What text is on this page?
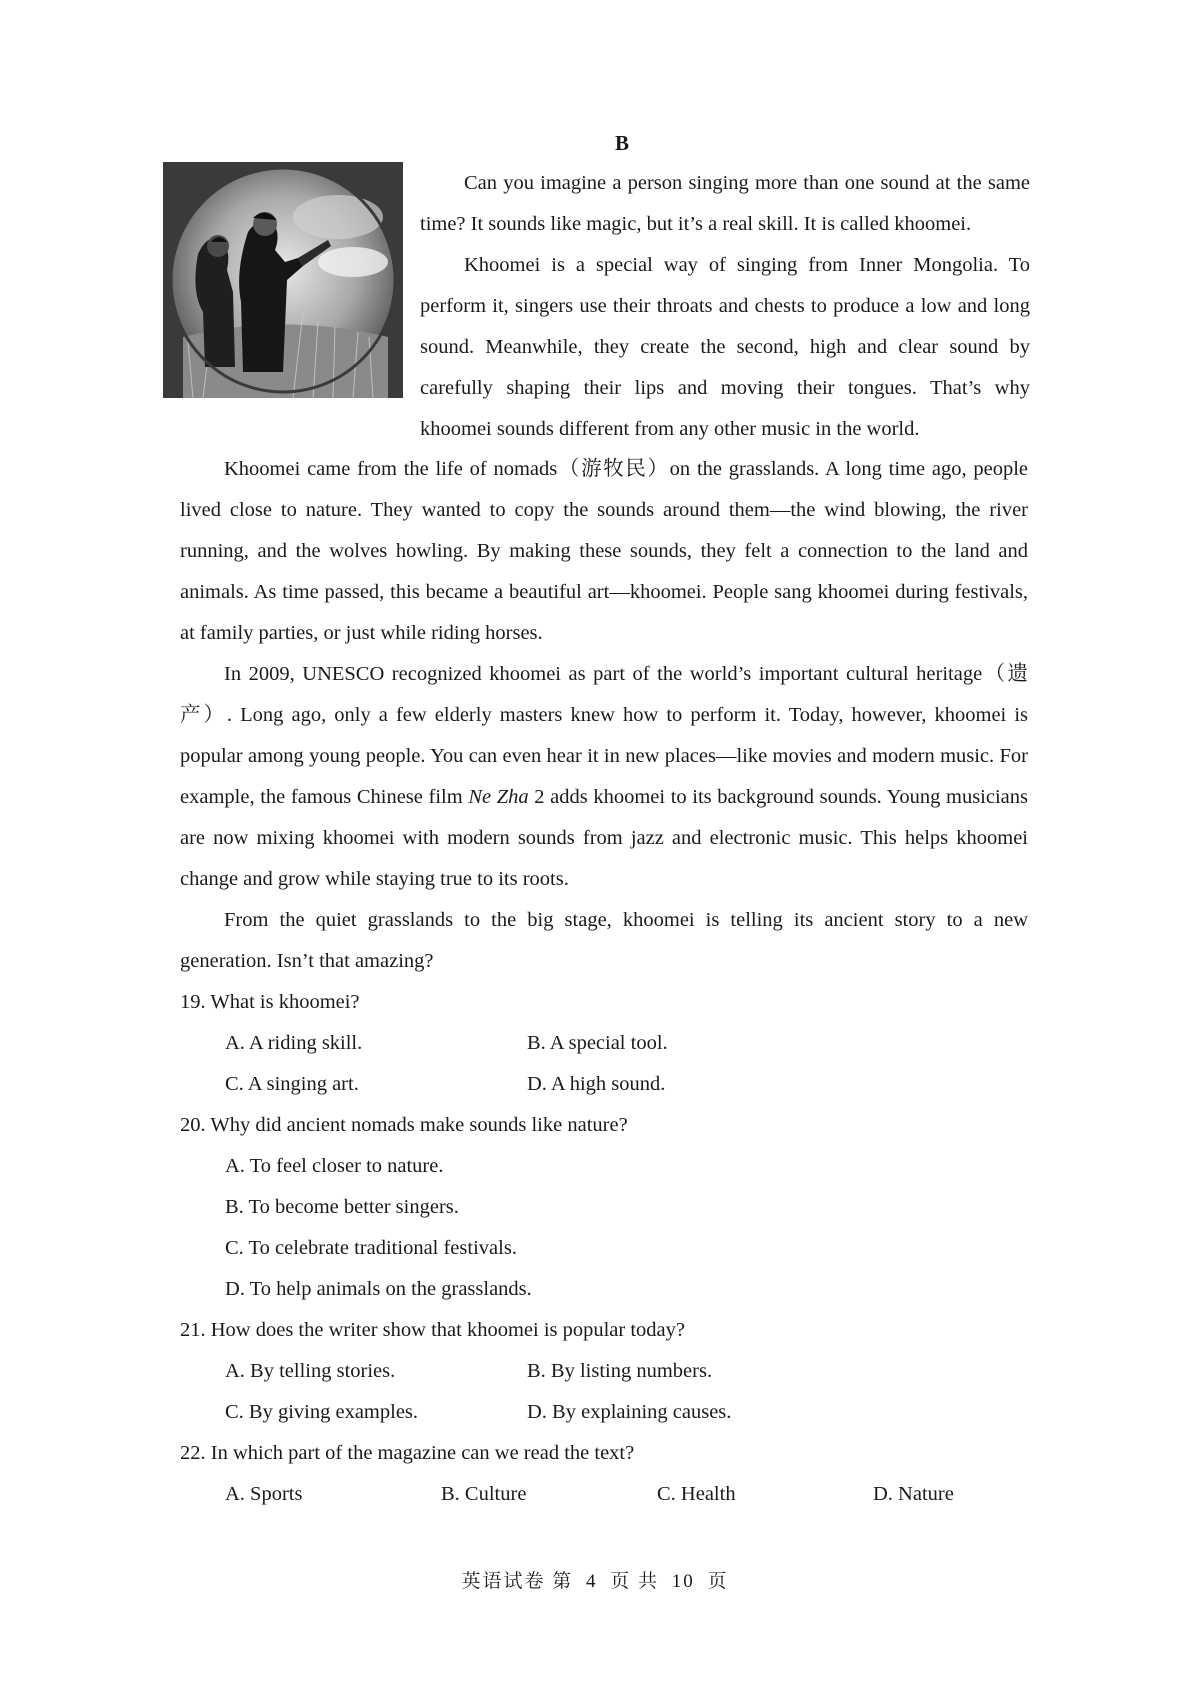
B

Can you imagine a person singing more than one sound at the same time? It sounds like magic, but it’s a real skill. It is called khoomei.

Khoomei is a special way of singing from Inner Mongolia. To perform it, singers use their throats and chests to produce a low and long sound. Meanwhile, they create the second, high and clear sound by carefully shaping their lips and moving their tongues. That’s why khoomei sounds different from any other music in the world.

Khoomei came from the life of nomads（游牧民）on the grasslands. A long time ago, people lived close to nature. They wanted to copy the sounds around them—the wind blowing, the river running, and the wolves howling. By making these sounds, they felt a connection to the land and animals. As time passed, this became a beautiful art—khoomei. People sang khoomei during festivals, at family parties, or just while riding horses.

In 2009, UNESCO recognized khoomei as part of the world’s important cultural heritage（遗产）. Long ago, only a few elderly masters knew how to perform it. Today, however, khoomei is popular among young people. You can even hear it in new places—like movies and modern music. For example, the famous Chinese film Ne Zha 2 adds khoomei to its background sounds. Young musicians are now mixing khoomei with modern sounds from jazz and electronic music. This helps khoomei change and grow while staying true to its roots.

From the quiet grasslands to the big stage, khoomei is telling its ancient story to a new generation. Isn’t that amazing?

19. What is khoomei?

A. A riding skill.	B. A special tool.
C. A singing art.	D. A high sound.

20. Why did ancient nomads make sounds like nature?

A. To feel closer to nature.
B. To become better singers.
C. To celebrate traditional festivals.
D. To help animals on the grasslands.

21. How does the writer show that khoomei is popular today?

A. By telling stories.	B. By listing numbers.
C. By giving examples.	D. By explaining causes.

22. In which part of the magazine can we read the text?

A. Sports	B. Culture	C. Health	D. Nature
英语试卷 第 4 页 共 10 页
